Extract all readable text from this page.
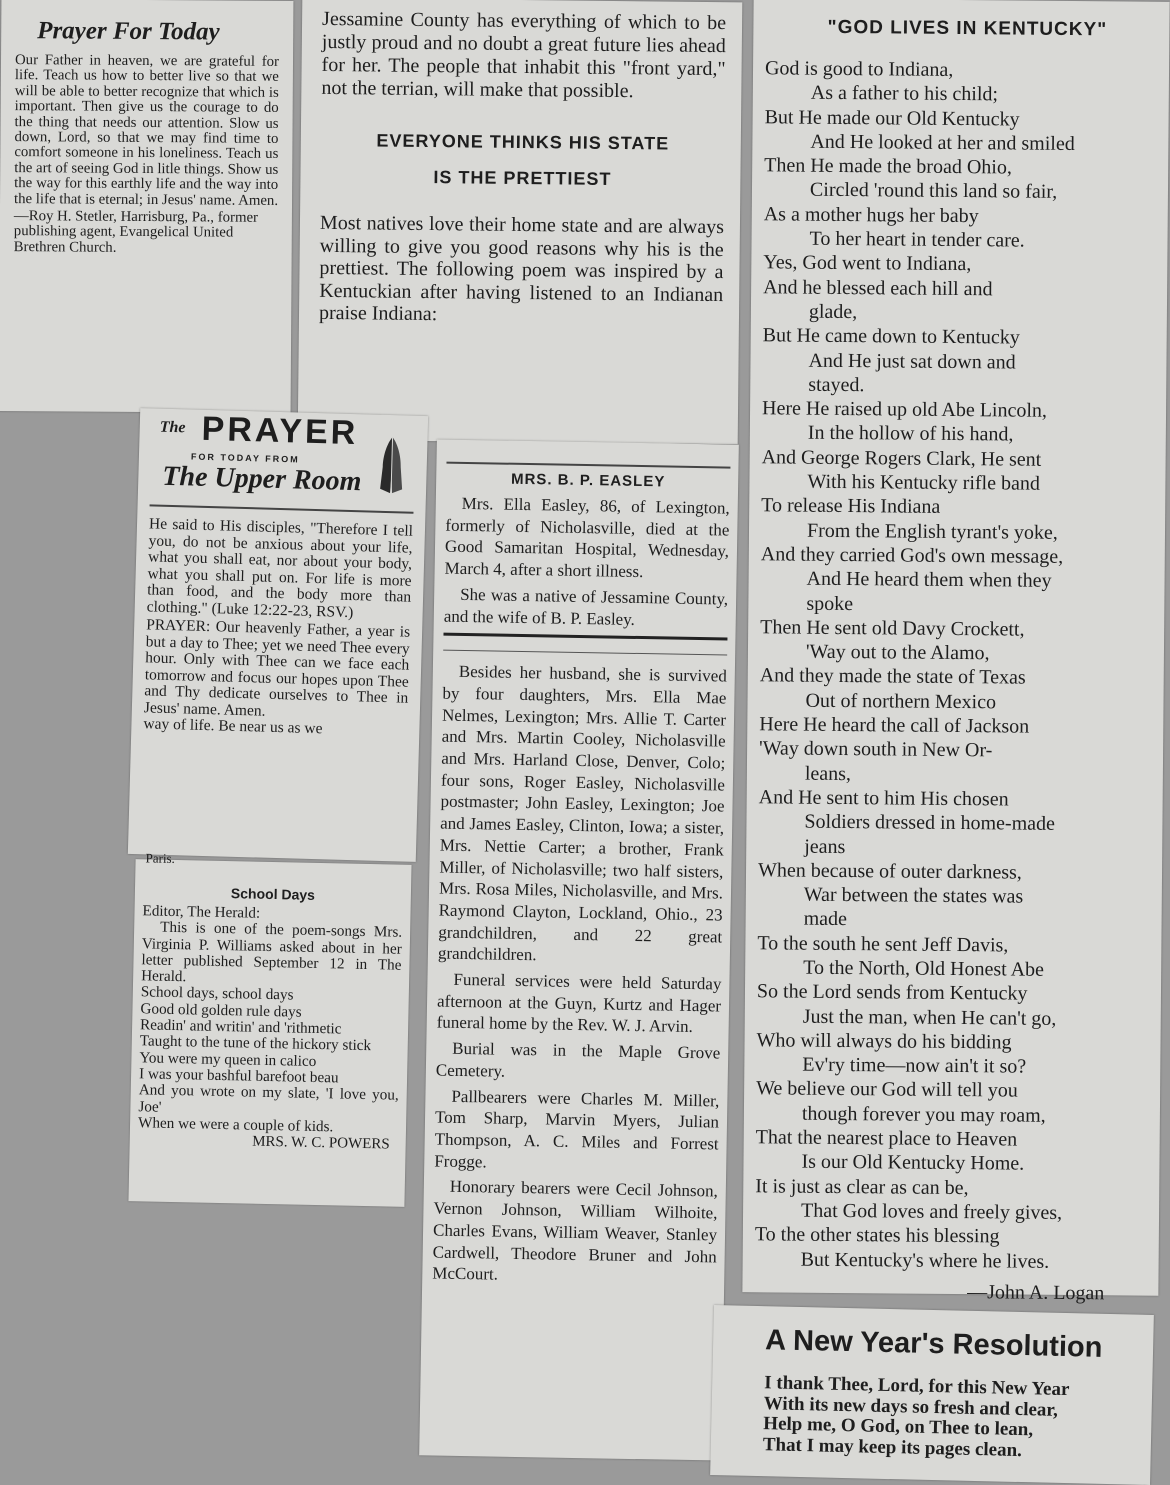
Prayer For Today

Our Father in heaven, we are grateful for life. Teach us how to better live so that we will be able to better recognize that which is important. Then give us the courage to do the thing that needs our attention. Slow us down, Lord, so that we may find time to comfort someone in his loneliness. Teach us the art of seeing God in litle things. Show us the way for this earthly life and the way into the life that is eternal; in Jesus' name. Amen.

—Roy H. Stetler, Harrisburg, Pa., former publishing agent, Evangelical United Brethren Church.

Jessamine County has everything of which to be justly proud and no doubt a great future lies ahead for her. The people that inhabit this "front yard," not the terrian, will make that possible.

EVERYONE THINKS HIS STATE
IS THE PRETTIEST

Most natives love their home state and are always willing to give you good reasons why his is the prettiest. The following poem was inspired by a Kentuckian after having listened to an Indianan praise Indiana:

"GOD LIVES IN KENTUCKY"
God is good to Indiana,
As a father to his child;
But He made our Old Kentucky
And He looked at her and smiled
Then He made the broad Ohio,
Circled 'round this land so fair,
As a mother hugs her baby
To her heart in tender care.
Yes, God went to Indiana,
And he blessed each hill and
glade,
But He came down to Kentucky
And He just sat down and
stayed.
Here He raised up old Abe Lincoln,
In the hollow of his hand,
And George Rogers Clark, He sent
With his Kentucky rifle band
To release His Indiana
From the English tyrant's yoke,
And they carried God's own message,
And He heard them when they
spoke
Then He sent old Davy Crockett,
'Way out to the Alamo,
And they made the state of Texas
Out of northern Mexico
Here He heard the call of Jackson
'Way down south in New Or-
leans,
And He sent to him His chosen
Soldiers dressed in home-made
jeans
When because of outer darkness,
War between the states was
made
To the south he sent Jeff Davis,
To the North, Old Honest Abe
So the Lord sends from Kentucky
Just the man, when He can't go,
Who will always do his bidding
Ev'ry time—now ain't it so?
We believe our God will tell you
though forever you may roam,
That the nearest place to Heaven
Is our Old Kentucky Home.
It is just as clear as can be,
That God loves and freely gives,
To the other states his blessing
But Kentucky's where he lives.
—John A. Logan
The PRAYER
FOR TODAY FROM
The Upper Room

He said to His disciples, "Therefore I tell you, do not be anxious about your life, what you shall eat, nor about your body, what you shall put on. For life is more than food, and the body more than clothing." (Luke 12:22-23, RSV.)

PRAYER: Our heavenly Father, a year is but a day to Thee; yet we need Thee every hour. Only with Thee can we face each tomorrow and focus our hopes upon Thee and Thy dedicate ourselves to Thee in Jesus' name. Amen.

way of life. Be near us as we

MRS. B. P. EASLEY

Mrs. Ella Easley, 86, of Lexington, formerly of Nicholasville, died at the Good Samaritan Hospital, Wednesday, March 4, after a short illness.

She was a native of Jessamine County, and the wife of B. P. Easley.

Besides her husband, she is survived by four daughters, Mrs. Ella Mae Nelmes, Lexington; Mrs. Allie T. Carter and Mrs. Martin Cooley, Nicholasville and Mrs. Harland Close, Denver, Colo; four sons, Roger Easley, Nicholasville postmaster; John Easley, Lexington; Joe and James Easley, Clinton, Iowa; a sister, Mrs. Nettie Carter; a brother, Frank Miller, of Nicholasville; two half sisters, Mrs. Rosa Miles, Nicholasville, and Mrs. Raymond Clayton, Lockland, Ohio., 23 grandchildren, and 22 great grandchildren.

Funeral services were held Saturday afternoon at the Guyn, Kurtz and Hager funeral home by the Rev. W. J. Arvin.

Burial was in the Maple Grove Cemetery.

Pallbearers were Charles M. Miller, Tom Sharp, Marvin Myers, Julian Thompson, A. C. Miles and Forrest Frogge.

Honorary bearers were Cecil Johnson, Vernon Johnson, William Wilhoite, Charles Evans, William Weaver, Stanley Cardwell, Theodore Bruner and John McCourt.

Paris.
School Days

Editor, The Herald:

This is one of the poem-songs Mrs. Virginia P. Williams asked about in her letter published September 12 in The Herald.

School days, school days
Good old golden rule days
Readin' and writin' and 'rithmetic
Taught to the tune of the hickory stick
You were my queen in calico
I was your bashful barefoot beau
And you wrote on my slate, 'I love you, Joe'
When we were a couple of kids.
MRS. W. C. POWERS
A New Year's Resolution
I thank Thee, Lord, for this New Year
With its new days so fresh and clear,
Help me, O God, on Thee to lean,
That I may keep its pages clean.
